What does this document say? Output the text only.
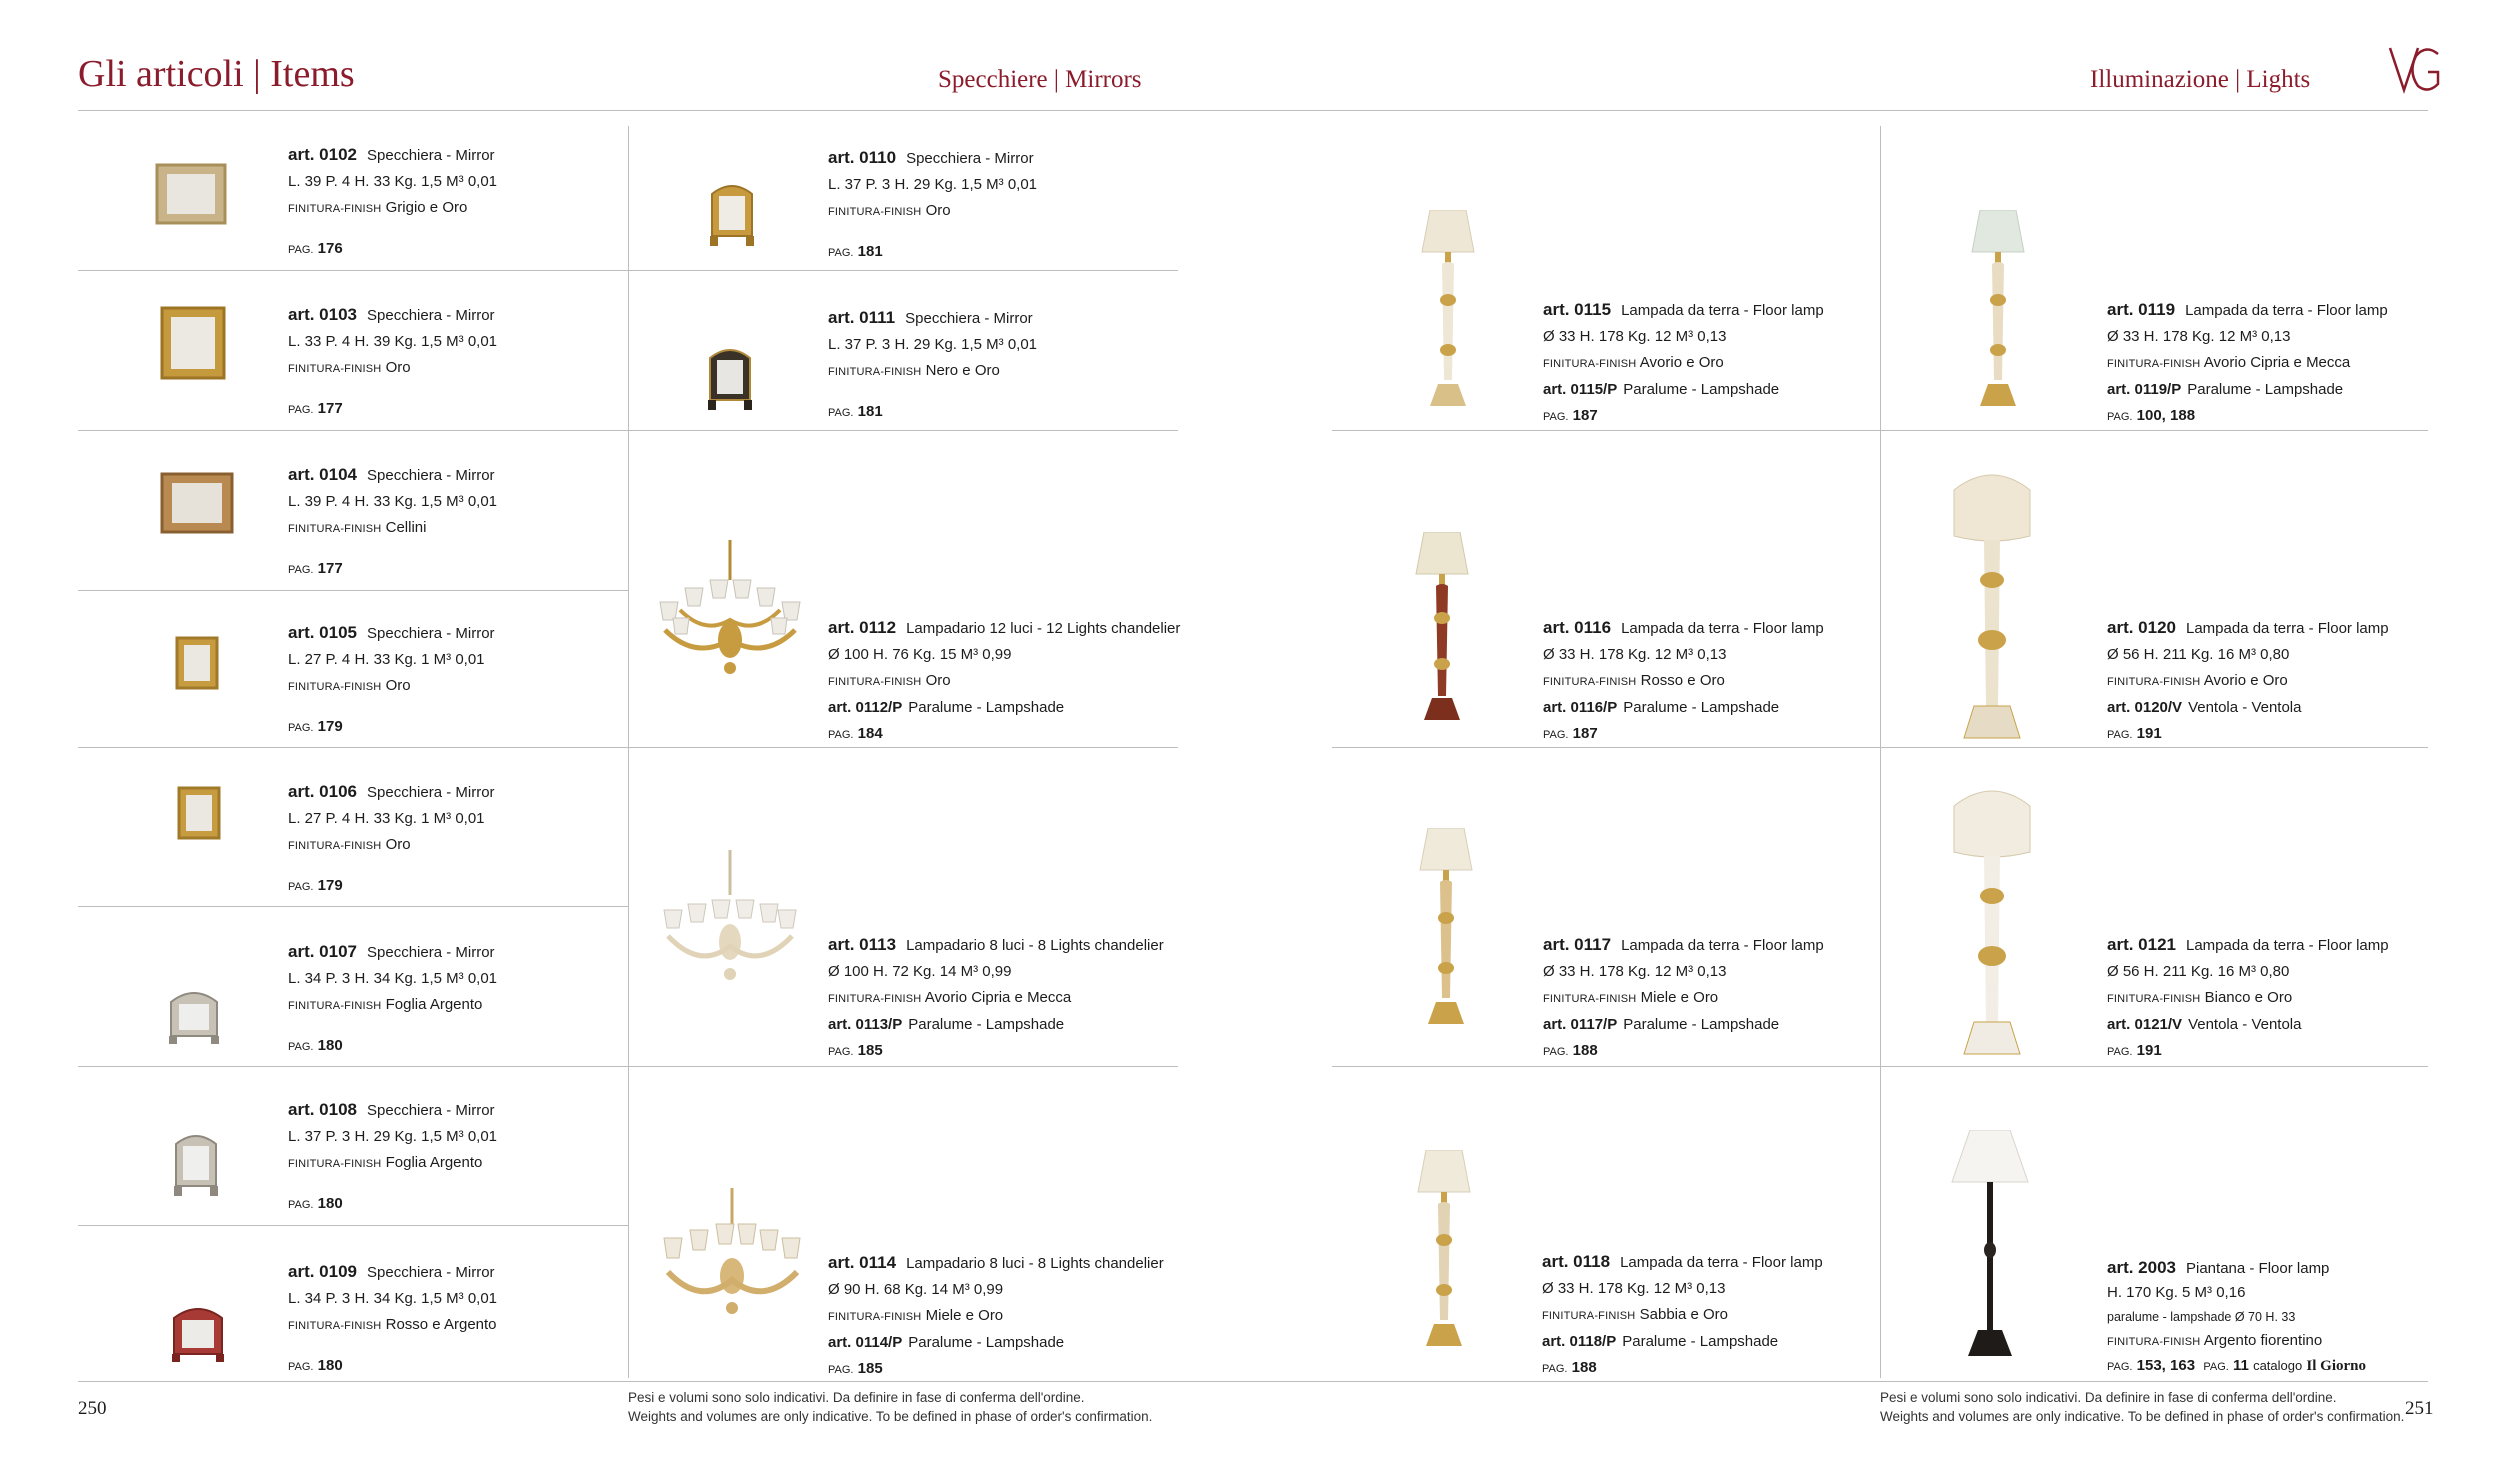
Gli articoli | Items	Specchiere | Mirrors	Illuminazione | Lights
art. 0102 Specchiera - Mirror
L. 39 P. 4 H. 33 Kg. 1,5 M³ 0,01
FINITURA-FINISH Grigio e Oro
PAG. 176
art. 0103 Specchiera - Mirror
L. 33 P. 4 H. 39 Kg. 1,5 M³ 0,01
FINITURA-FINISH Oro
PAG. 177
art. 0104 Specchiera - Mirror
L. 39 P. 4 H. 33 Kg. 1,5 M³ 0,01
FINITURA-FINISH Cellini
PAG. 177
art. 0105 Specchiera - Mirror
L. 27 P. 4 H. 33 Kg. 1 M³ 0,01
FINITURA-FINISH Oro
PAG. 179
art. 0106 Specchiera - Mirror
L. 27 P. 4 H. 33 Kg. 1 M³ 0,01
FINITURA-FINISH Oro
PAG. 179
art. 0107 Specchiera - Mirror
L. 34 P. 3 H. 34 Kg. 1,5 M³ 0,01
FINITURA-FINISH Foglia Argento
PAG. 180
art. 0108 Specchiera - Mirror
L. 37 P. 3 H. 29 Kg. 1,5 M³ 0,01
FINITURA-FINISH Foglia Argento
PAG. 180
art. 0109 Specchiera - Mirror
L. 34 P. 3 H. 34 Kg. 1,5 M³ 0,01
FINITURA-FINISH Rosso e Argento
PAG. 180
art. 0110 Specchiera - Mirror
L. 37 P. 3 H. 29 Kg. 1,5 M³ 0,01
FINITURA-FINISH Oro
PAG. 181
art. 0111 Specchiera - Mirror
L. 37 P. 3 H. 29 Kg. 1,5 M³ 0,01
FINITURA-FINISH Nero e Oro
PAG. 181
art. 0112 Lampadario 12 luci - 12 Lights chandelier
Ø 100 H. 76 Kg. 15 M³ 0,99
FINITURA-FINISH Oro
art. 0112/P Paralume - Lampshade
PAG. 184
art. 0113 Lampadario 8 luci - 8 Lights chandelier
Ø 100 H. 72 Kg. 14 M³ 0,99
FINITURA-FINISH Avorio Cipria e Mecca
art. 0113/P Paralume - Lampshade
PAG. 185
art. 0114 Lampadario 8 luci - 8 Lights chandelier
Ø 90 H. 68 Kg. 14 M³ 0,99
FINITURA-FINISH Miele e Oro
art. 0114/P Paralume - Lampshade
PAG. 185
art. 0115 Lampada da terra - Floor lamp
Ø 33 H. 178 Kg. 12 M³ 0,13
FINITURA-FINISH Avorio e Oro
art. 0115/P Paralume - Lampshade
PAG. 187
art. 0116 Lampada da terra - Floor lamp
Ø 33 H. 178 Kg. 12 M³ 0,13
FINITURA-FINISH Rosso e Oro
art. 0116/P Paralume - Lampshade
PAG. 187
art. 0117 Lampada da terra - Floor lamp
Ø 33 H. 178 Kg. 12 M³ 0,13
FINITURA-FINISH Miele e Oro
art. 0117/P Paralume - Lampshade
PAG. 188
art. 0118 Lampada da terra - Floor lamp
Ø 33 H. 178 Kg. 12 M³ 0,13
FINITURA-FINISH Sabbia e Oro
art. 0118/P Paralume - Lampshade
PAG. 188
art. 0119 Lampada da terra - Floor lamp
Ø 33 H. 178 Kg. 12 M³ 0,13
FINITURA-FINISH Avorio Cipria e Mecca
art. 0119/P Paralume - Lampshade
PAG. 100, 188
art. 0120 Lampada da terra - Floor lamp
Ø 56 H. 211 Kg. 16 M³ 0,80
FINITURA-FINISH Avorio e Oro
art. 0120/V Ventola - Ventola
PAG. 191
art. 0121 Lampada da terra - Floor lamp
Ø 56 H. 211 Kg. 16 M³ 0,80
FINITURA-FINISH Bianco e Oro
art. 0121/V Ventola - Ventola
PAG. 191
art. 2003 Piantana - Floor lamp
H. 170 Kg. 5 M³ 0,16
paralume - lampshade Ø 70 H. 33
FINITURA-FINISH Argento fiorentino
PAG. 153, 163 PAG. 11 catalogo Il Giorno
250	251
Pesi e volumi sono solo indicativi. Da definire in fase di conferma dell'ordine.
Weights and volumes are only indicative. To be defined in phase of order's confirmation.
Pesi e volumi sono solo indicativi. Da definire in fase di conferma dell'ordine.
Weights and volumes are only indicative. To be defined in phase of order's confirmation.
